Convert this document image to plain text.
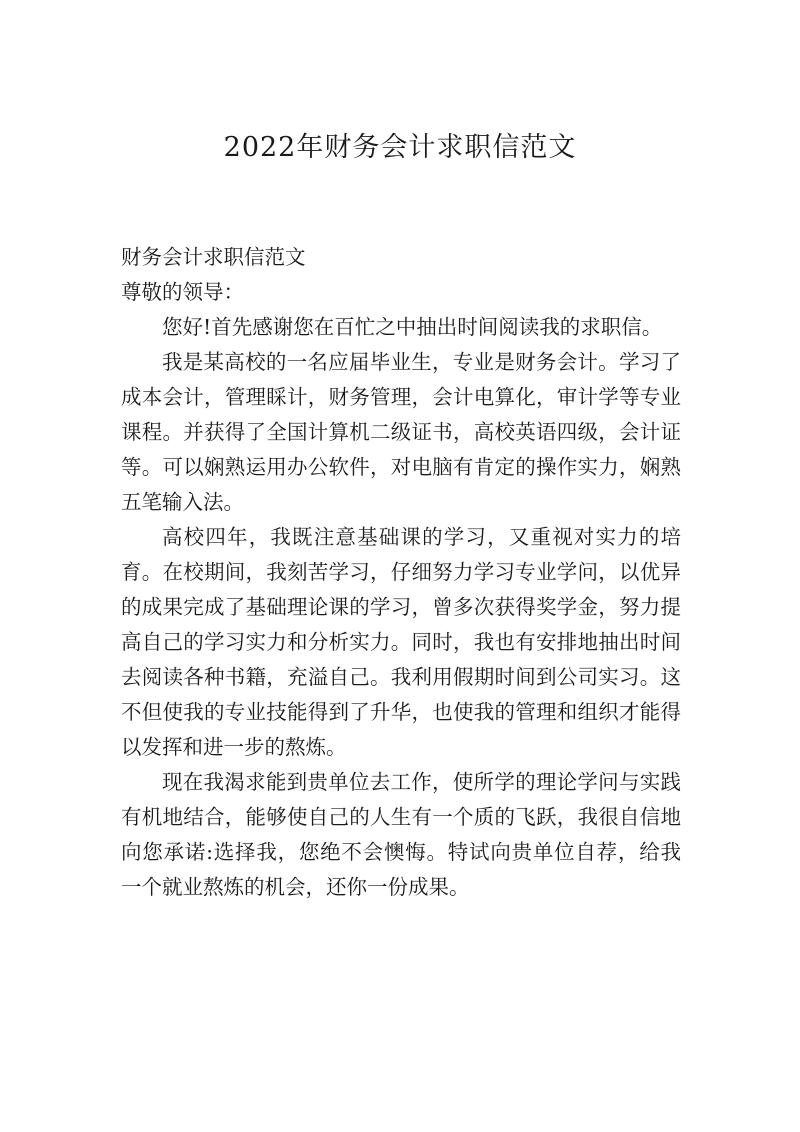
2022年财务会计求职信范文

财务会计求职信范文

尊敬的领导：

您好!首先感谢您在百忙之中抽出时间阅读我的求职信。

我是某高校的一名应届毕业生，专业是财务会计。学习了成本会计，管理睬计，财务管理，会计电算化，审计学等专业课程。并获得了全国计算机二级证书，高校英语四级，会计证等。可以娴熟运用办公软件，对电脑有肯定的操作实力，娴熟五笔输入法。

高校四年，我既注意基础课的学习，又重视对实力的培育。在校期间，我刻苦学习，仔细努力学习专业学问，以优异的成果完成了基础理论课的学习，曾多次获得奖学金，努力提高自己的学习实力和分析实力。同时，我也有安排地抽出时间去阅读各种书籍，充溢自己。我利用假期时间到公司实习。这不但使我的专业技能得到了升华，也使我的管理和组织才能得以发挥和进一步的熬炼。

现在我渴求能到贵单位去工作，使所学的理论学问与实践有机地结合，能够使自己的人生有一个质的飞跃，我很自信地向您承诺:选择我，您绝不会懊悔。特试向贵单位自荐，给我一个就业熬炼的机会，还你一份成果。
